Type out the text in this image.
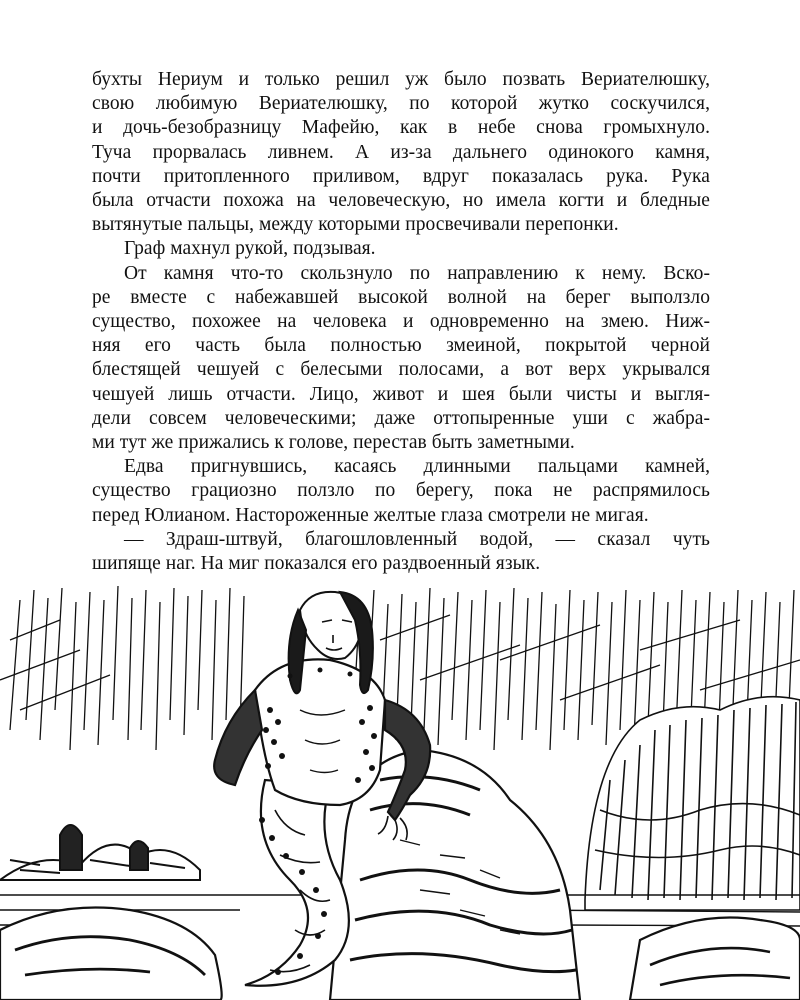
бухты Нериум и только решил уж было позвать Вериателюшку,

свою любимую Вериателюшку, по которой жутко соскучился,

и дочь-безобразницу Мафейю, как в небе снова громыхнуло.

Туча прорвалась ливнем. А из-за дальнего одинокого камня,

почти притопленного приливом, вдруг показалась рука. Рука

была отчасти похожа на человеческую, но имела когти и бледные

вытянутые пальцы, между которыми просвечивали перепонки.

Граф махнул рукой, подзывая.

От камня что-то скользнуло по направлению к нему. Вско-

ре вместе с набежавшей высокой волной на берег выползло

существо, похожее на человека и одновременно на змею. Ниж-

няя его часть была полностью змеиной, покрытой черной

блестящей чешуей с белесыми полосами, а вот верх укрывался

чешуей лишь отчасти. Лицо, живот и шея были чисты и выгля-

дели совсем человеческими; даже оттопыренные уши с жабра-

ми тут же прижались к голове, перестав быть заметными.

Едва пригнувшись, касаясь длинными пальцами камней,

существо грациозно ползло по берегу, пока не распрямилось

перед Юлианом. Настороженные желтые глаза смотрели не мигая.

— Здраш-штвуй, благошловленный водой, — сказал чуть

шипяще наг. На миг показался его раздвоенный язык.
